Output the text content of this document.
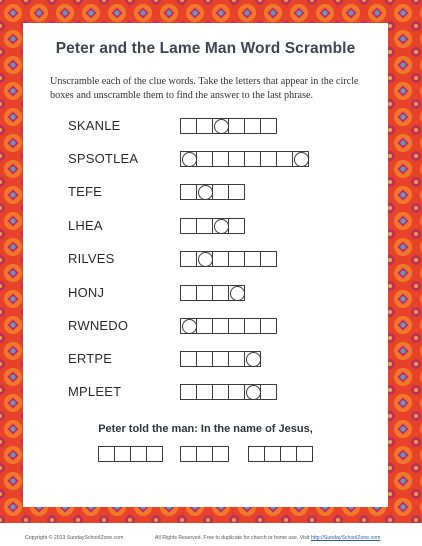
Peter and the Lame Man Word Scramble
Unscramble each of the clue words. Take the letters that appear in the circle boxes and unscramble them to find the answer to the last phrase.
SKANLE
SPSOTLEA
TEFE
LHEA
RILVES
HONJ
RWNEDO
ERTPE
MPLEET
Peter told the man: In the name of Jesus,
Copyright © 2013 SundaySchoolZone.com	All Rights Reserved. Free to duplicate for church or home use. Visit http://SundaySchoolZone.com
